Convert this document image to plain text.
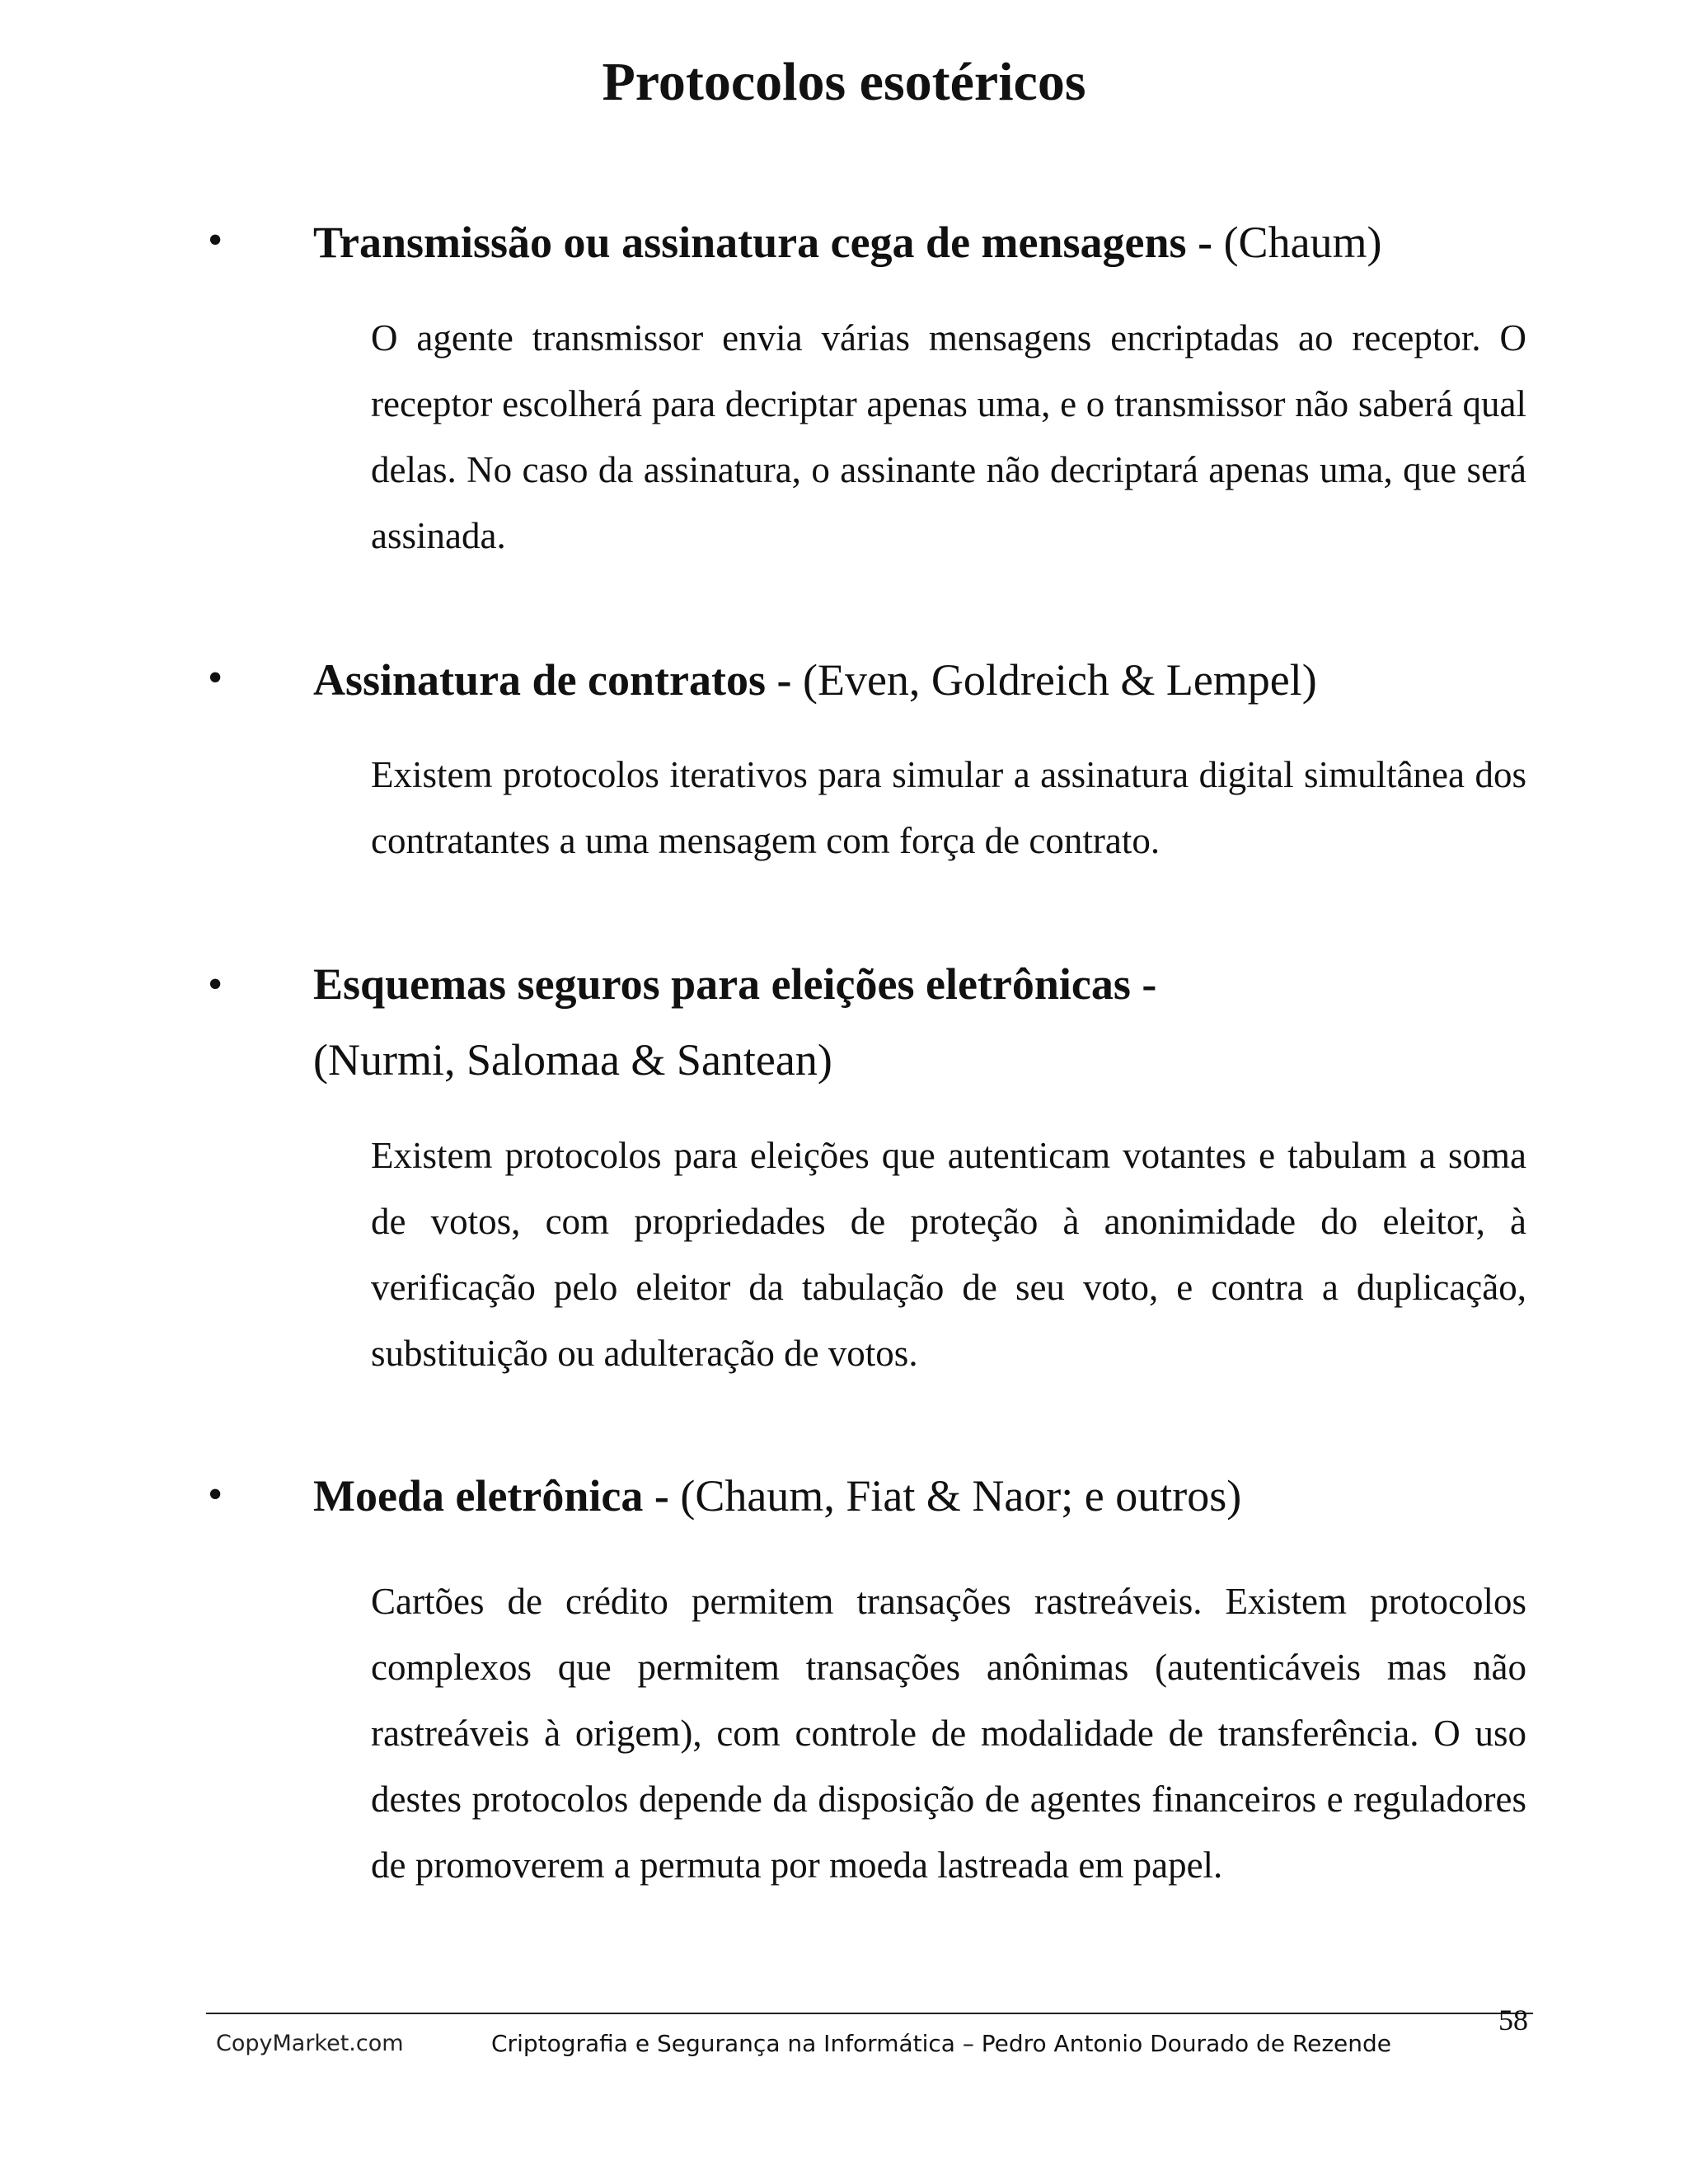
Protocolos esotéricos
•	Transmissão ou assinatura cega de mensagens - (Chaum)

O agente transmissor envia várias mensagens encriptadas ao receptor. O receptor escolherá para decriptar apenas uma, e o transmissor não saberá qual delas. No caso da assinatura, o assinante não decriptará apenas uma, que será assinada.

•	Assinatura de contratos - (Even, Goldreich & Lempel)

Existem protocolos iterativos para simular a assinatura digital simultânea dos contratantes a uma mensagem com força de contrato.

•	Esquemas seguros para eleições eletrônicas -
(Nurmi, Salomaa & Santean)

Existem protocolos para eleições que autenticam votantes e tabulam a soma de votos, com propriedades de proteção à anonimidade do eleitor, à verificação pelo eleitor da tabulação de seu voto, e contra a duplicação, substituição ou adulteração de votos.

•	Moeda eletrônica - (Chaum, Fiat & Naor; e outros)

Cartões de crédito permitem transações rastreáveis. Existem protocolos complexos que permitem transações anônimas (autenticáveis mas não rastreáveis à origem), com controle de modalidade de transferência. O uso destes protocolos depende da disposição de agentes financeiros e reguladores de promoverem a permuta por moeda lastreada em papel.

58
CopyMarket.com	Criptografia e Segurança na Informática – Pedro Antonio Dourado de Rezende
